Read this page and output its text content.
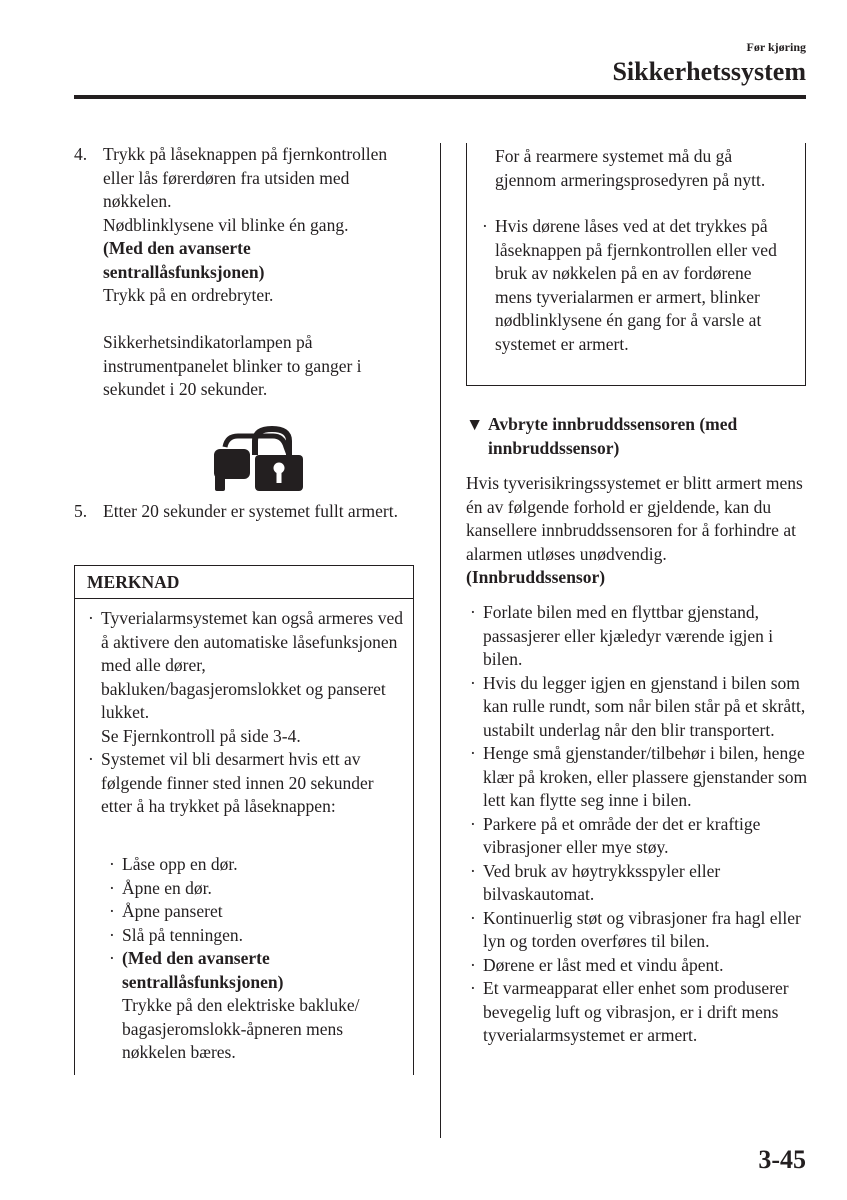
Før kjøring
Sikkerhetssystem
4. Trykk på låseknappen på fjernkontrollen eller lås førerdøren fra utsiden med nøkkelen.

Nødblinklysene vil blinke én gang.

(Med den avanserte sentrallåsfunksjonen)

Trykk på en ordrebryter.

Sikkerhetsindikatorlampen på instrumentpanelet blinker to ganger i sekundet i 20 sekunder.

5. Etter 20 sekunder er systemet fullt armert.

MERKNAD
· Tyverialarmsystemet kan også armeres ved å aktivere den automatiske låsefunksjonen med alle dører, bakluken/bagasjeromslokket og panseret lukket.
Se Fjernkontroll på side 3-4.
· Systemet vil bli desarmert hvis ett av følgende finner sted innen 20 sekunder etter å ha trykket på låseknappen:
· Låse opp en dør.
· Åpne en dør.
· Åpne panseret
· Slå på tenningen.
· (Med den avanserte sentrallåsfunksjonen)
Trykke på den elektriske bakluke/ bagasjeromslokk-åpneren mens nøkkelen bæres.

For å rearmere systemet må du gå gjennom armeringsprosedyren på nytt.

· Hvis dørene låses ved at det trykkes på låseknappen på fjernkontrollen eller ved bruk av nøkkelen på en av fordørene mens tyverialarmen er armert, blinker nødblinklysene én gang for å varsle at systemet er armert.
▼ Avbryte innbruddssensoren (med innbruddssensor)
Hvis tyverisikringssystemet er blitt armert mens én av følgende forhold er gjeldende, kan du kansellere innbruddssensoren for å forhindre at alarmen utløses unødvendig.
(Innbruddssensor)
· Forlate bilen med en flyttbar gjenstand, passasjerer eller kjæledyr værende igjen i bilen.
· Hvis du legger igjen en gjenstand i bilen som kan rulle rundt, som når bilen står på et skrått, ustabilt underlag når den blir transportert.
· Henge små gjenstander/tilbehør i bilen, henge klær på kroken, eller plassere gjenstander som lett kan flytte seg inne i bilen.
· Parkere på et område der det er kraftige vibrasjoner eller mye støy.
· Ved bruk av høytrykksspyler eller bilvaskautomat.
· Kontinuerlig støt og vibrasjoner fra hagl eller lyn og torden overføres til bilen.
· Dørene er låst med et vindu åpent.
· Et varmeapparat eller enhet som produserer bevegelig luft og vibrasjon, er i drift mens tyverialarmsystemet er armert.
3-45
